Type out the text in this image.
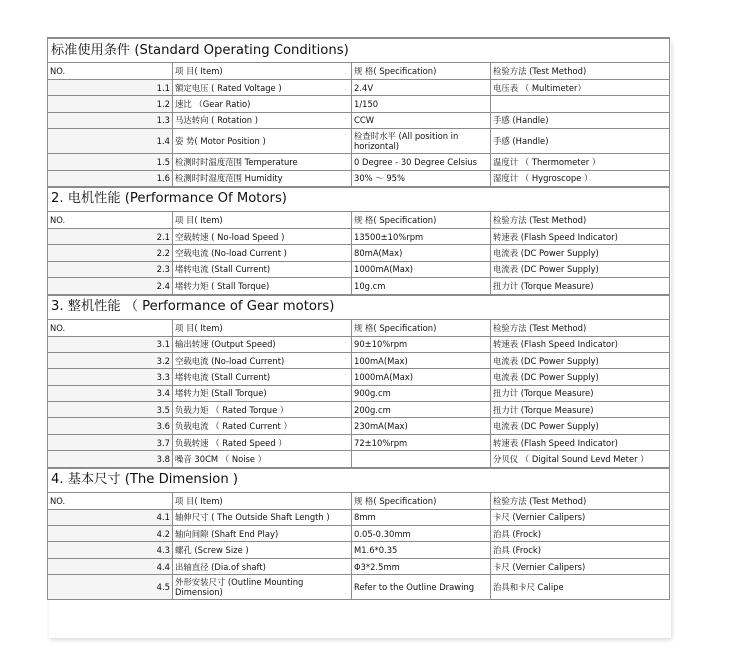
标准使用条件 (Standard Operating Conditions)			
NO.	项 目( Item)	规 格( Specification)	检验方法 (Test Method)
1.1	額定电压 ( Rated Voltage )	2.4V	电压表 （ Multimeter）
1.2	速比 （Gear Ratio)	1/150	
1.3	马达转向 ( Rotation )	CCW	手感 (Handle)
1.4	姿 势( Motor Position )	检查时水平 (All position in horizontal)	手感 (Handle)
1.5	检测时时温度范围 Temperature	0 Degree - 30 Degree Celsius	温度计 （ Thermometer ）
1.6	检测时时湿度范围 Humidity	30% ～ 95%	湿度计 （ Hygroscope ）
2. 电机性能 (Performance Of Motors)			
NO.	项 目( Item)	规 格( Specification)	检验方法 (Test Method)
2.1	空载转速 ( No-load Speed )	13500±10%rpm	转速表 (Flash Speed Indicator)
2.2	空载电流 (No-load Current )	80mA(Max)	电流表 (DC Power Supply)
2.3	堵转电流 (Stall Current)	1000mA(Max)	电流表 (DC Power Supply)
2.4	堵转力矩 ( Stall Torque)	10g.cm	扭力计 (Torque Measure)
3. 整机性能 （ Performance of Gear motors)			
NO.	项 目( Item)	规 格( Specification)	检验方法 (Test Method)
3.1	输出转速 (Output Speed)	90±10%rpm	转速表 (Flash Speed Indicator)
3.2	空载电流 (No-load Current)	100mA(Max)	电流表 (DC Power Supply)
3.3	堵转电流 (Stall Current)	1000mA(Max)	电流表 (DC Power Supply)
3.4	堵转力矩 (Stall Torque)	900g.cm	扭力计 (Torque Measure)
3.5	负载力矩 （ Rated Torque ）	200g.cm	扭力计 (Torque Measure)
3.6	负载电流 （ Rated Current ）	230mA(Max)	电流表 (DC Power Supply)
3.7	负载转速 （ Rated Speed ）	72±10%rpm	转速表 (Flash Speed Indicator)
3.8	噪音 30CM （ Noise ）		分贝仪 （ Digital Sound Levd Meter ）
4. 基本尺寸 (The Dimension )			
NO.	项 目( Item)	规 格( Specification)	检验方法 (Test Method)
4.1	轴伸尺寸 ( The Outside Shaft Length )	8mm	卡尺 (Vernier Calipers)
4.2	轴向间隙 (Shaft End Play)	0.05-0.30mm	治具 (Frock)
4.3	螺孔 (Screw Size )	M1.6*0.35	治具 (Frock)
4.4	出轴直径 (Dia.of shaft)	Φ3*2.5mm	卡尺 (Vernier Calipers)
4.5	外形安装尺寸 (Outline Mounting Dimension)	Refer to the Outline Drawing	治具和卡尺 Calipe
